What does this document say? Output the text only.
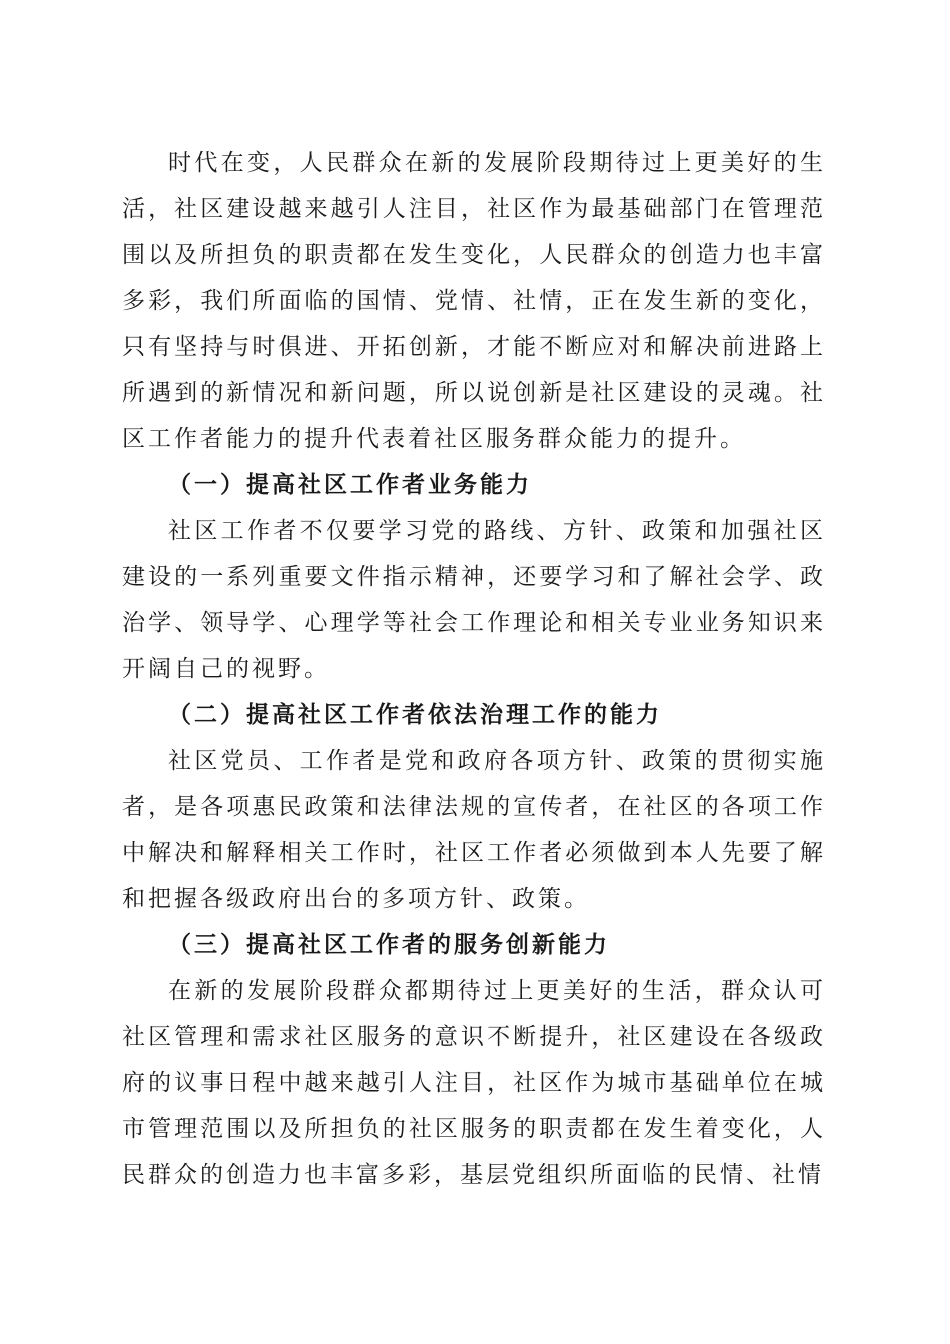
时代在变，人民群众在新的发展阶段期待过上更美好的生活，社区建设越来越引人注目，社区作为最基础部门在管理范围以及所担负的职责都在发生变化，人民群众的创造力也丰富多彩，我们所面临的国情、党情、社情，正在发生新的变化，只有坚持与时俱进、开拓创新，才能不断应对和解决前进路上所遇到的新情况和新问题，所以说创新是社区建设的灵魂。社区工作者能力的提升代表着社区服务群众能力的提升。

（一）提高社区工作者业务能力

社区工作者不仅要学习党的路线、方针、政策和加强社区建设的一系列重要文件指示精神，还要学习和了解社会学、政治学、领导学、心理学等社会工作理论和相关专业业务知识来开阔自己的视野。

（二）提高社区工作者依法治理工作的能力

社区党员、工作者是党和政府各项方针、政策的贯彻实施者，是各项惠民政策和法律法规的宣传者，在社区的各项工作中解决和解释相关工作时，社区工作者必须做到本人先要了解和把握各级政府出台的多项方针、政策。

（三）提高社区工作者的服务创新能力

在新的发展阶段群众都期待过上更美好的生活，群众认可社区管理和需求社区服务的意识不断提升，社区建设在各级政府的议事日程中越来越引人注目，社区作为城市基础单位在城市管理范围以及所担负的社区服务的职责都在发生着变化，人民群众的创造力也丰富多彩，基层党组织所面临的民情、社情
